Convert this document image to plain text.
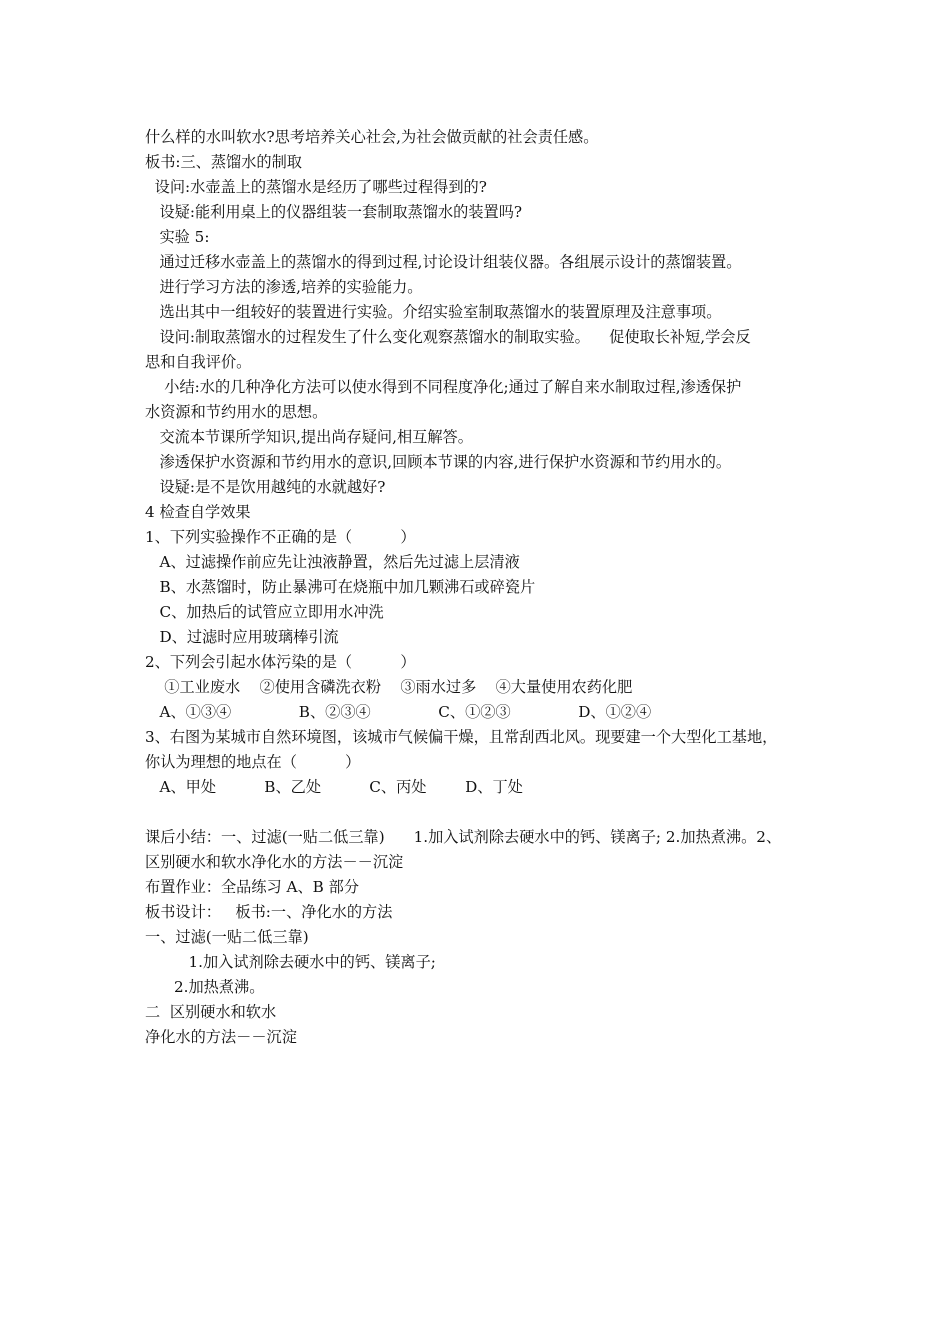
什么样的水叫软水?思考培养关心社会,为社会做贡献的社会责任感。
板书:三、蒸馏水的制取
设问:水壶盖上的蒸馏水是经历了哪些过程得到的?
设疑:能利用桌上的仪器组装一套制取蒸馏水的装置吗?
实验 5:
通过迁移水壶盖上的蒸馏水的得到过程,讨论设计组装仪器。各组展示设计的蒸馏装置。
进行学习方法的渗透,培养的实验能力。
选出其中一组较好的装置进行实验。介绍实验室制取蒸馏水的装置原理及注意事项。
设问:制取蒸馏水的过程发生了什么变化观察蒸馏水的制取实验。    促使取长补短,学会反
思和自我评价。
小结:水的几种净化方法可以使水得到不同程度净化;通过了解自来水制取过程,渗透保护
水资源和节约用水的思想。
交流本节课所学知识,提出尚存疑问,相互解答。
渗透保护水资源和节约用水的意识,回顾本节课的内容,进行保护水资源和节约用水的。
设疑:是不是饮用越纯的水就越好?
4 检查自学效果
1、下列实验操作不正确的是（          ）
A、过滤操作前应先让浊液静置，然后先过滤上层清液
B、水蒸馏时，防止暴沸可在烧瓶中加几颗沸石或碎瓷片
C、加热后的试管应立即用水冲洗
D、过滤时应用玻璃棒引流
2、下列会引起水体污染的是（          ）
①工业废水    ②使用含磷洗衣粉    ③雨水过多    ④大量使用农药化肥
A、①③④              B、②③④              C、①②③              D、①②④
3、右图为某城市自然环境图，该城市气候偏干燥，且常刮西北风。现要建一个大型化工基地，
你认为理想的地点在（          ）
A、甲处          B、乙处          C、丙处        D、丁处
课后小结：一、过滤(一贴二低三靠)      1.加入试剂除去硬水中的钙、镁离子; 2.加热煮沸。2、
区别硬水和软水净化水的方法－－沉淀
布置作业：全品练习 A、B 部分
板书设计：   板书:一、净化水的方法
一、过滤(一贴二低三靠)
1.加入试剂除去硬水中的钙、镁离子;
2.加热煮沸。
二  区别硬水和软水
净化水的方法－－沉淀
